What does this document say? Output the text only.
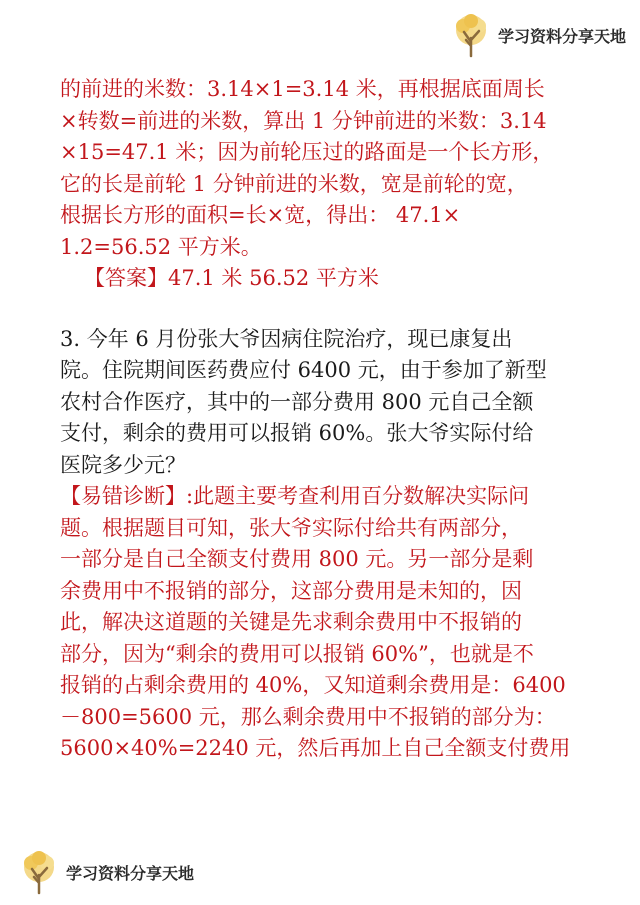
学习资料分享天地

的前进的米数：3.14×1=3.14 米，再根据底面周长

×转数=前进的米数，算出 1 分钟前进的米数：3.14

×15=47.1 米；因为前轮压过的路面是一个长方形，

它的长是前轮 1 分钟前进的米数，宽是前轮的宽，

根据长方形的面积=长×宽，得出： 47.1×

1.2=56.52 平方米。

【答案】47.1 米 56.52 平方米

3. 今年 6 月份张大爷因病住院治疗，现已康复出

院。住院期间医药费应付 6400 元，由于参加了新型

农村合作医疗，其中的一部分费用 800 元自己全额

支付，剩余的费用可以报销 60%。张大爷实际付给

医院多少元？

【易错诊断】:此题主要考查利用百分数解决实际问

题。根据题目可知，张大爷实际付给共有两部分，

一部分是自己全额支付费用 800 元。另一部分是剩

余费用中不报销的部分，这部分费用是未知的，因

此，解决这道题的关键是先求剩余费用中不报销的

部分，因为“剩余的费用可以报销 60%”，也就是不

报销的占剩余费用的 40%，又知道剩余费用是：6400

－800=5600 元，那么剩余费用中不报销的部分为：

5600×40%=2240 元，然后再加上自己全额支付费用

学习资料分享天地
